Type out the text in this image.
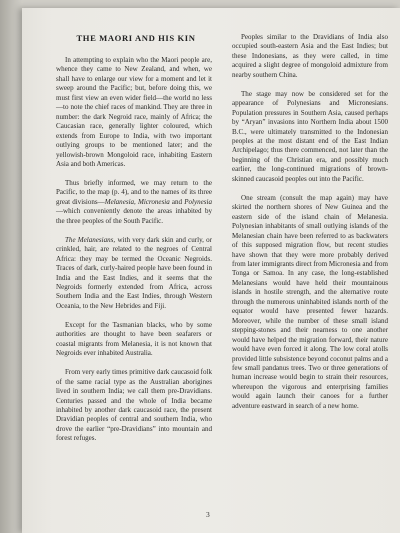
THE MAORI AND HIS KIN

In attempting to explain who the Maori people are, whence they came to New Zealand, and when, we shall have to enlarge our view for a moment and let it sweep around the Pacific; but, before doing this, we must first view an even wider field—the world no less—to note the chief races of mankind. They are three in number: the dark Negroid race, mainly of Africa; the Caucasian race, generally lighter coloured, which extends from Europe to India, with two important outlying groups to be mentioned later; and the yellowish-brown Mongoloid race, inhabiting Eastern Asia and both Americas.

Thus briefly informed, we may return to the Pacific, to the map (p. 4), and to the names of its three great divisions—Melanesia, Micronesia and Polynesia—which conveniently denote the areas inhabited by the three peoples of the South Pacific.

The Melanesians, with very dark skin and curly, or crinkled, hair, are related to the negroes of Central Africa: they may be termed the Oceanic Negroids. Traces of dark, curly-haired people have been found in India and the East Indies, and it seems that the Negroids formerly extended from Africa, across Southern India and the East Indies, through Western Oceania, to the New Hebrides and Fiji.

Except for the Tasmanian blacks, who by some authorities are thought to have been seafarers or coastal migrants from Melanesia, it is not known that Negroids ever inhabited Australia.

From very early times primitive dark caucasoid folk of the same racial type as the Australian aborigines lived in southern India; we call them pre-Dravidians. Centuries passed and the whole of India became inhabited by another dark caucasoid race, the present Dravidian peoples of central and southern India, who drove the earlier “pre-Dravidians” into mountain and forest refuges.

Peoples similar to the Dravidians of India also occupied south-eastern Asia and the East Indies; but these Indonesians, as they were called, in time acquired a slight degree of mongoloid admixture from nearby southern China.

The stage may now be considered set for the appearance of Polynesians and Micronesians. Population pressures in Southern Asia, caused perhaps by “Aryan” invasions into Northern India about 1500 B.C., were ultimately transmitted to the Indonesian peoples at the most distant end of the East Indian Archipelago; thus there commenced, not later than the beginning of the Christian era, and possibly much earlier, the long-continued migrations of brown-skinned caucasoid peoples out into the Pacific.

One stream (consult the map again) may have skirted the northern shores of New Guinea and the eastern side of the island chain of Melanesia. Polynesian inhabitants of small outlying islands of the Melanesian chain have been referred to as backwaters of this supposed migration flow, but recent studies have shown that they were more probably derived from later immigrants direct from Micronesia and from Tonga or Samoa. In any case, the long-established Melanesians would have held their mountainous islands in hostile strength, and the alternative route through the numerous uninhabited islands north of the equator would have presented fewer hazards. Moreover, while the number of these small island stepping-stones and their nearness to one another would have helped the migration forward, their nature would have even forced it along. The low coral atolls provided little subsistence beyond coconut palms and a few small pandanus trees. Two or three generations of human increase would begin to strain their resources, whereupon the vigorous and enterprising families would again launch their canoes for a further adventure eastward in search of a new home.

3
